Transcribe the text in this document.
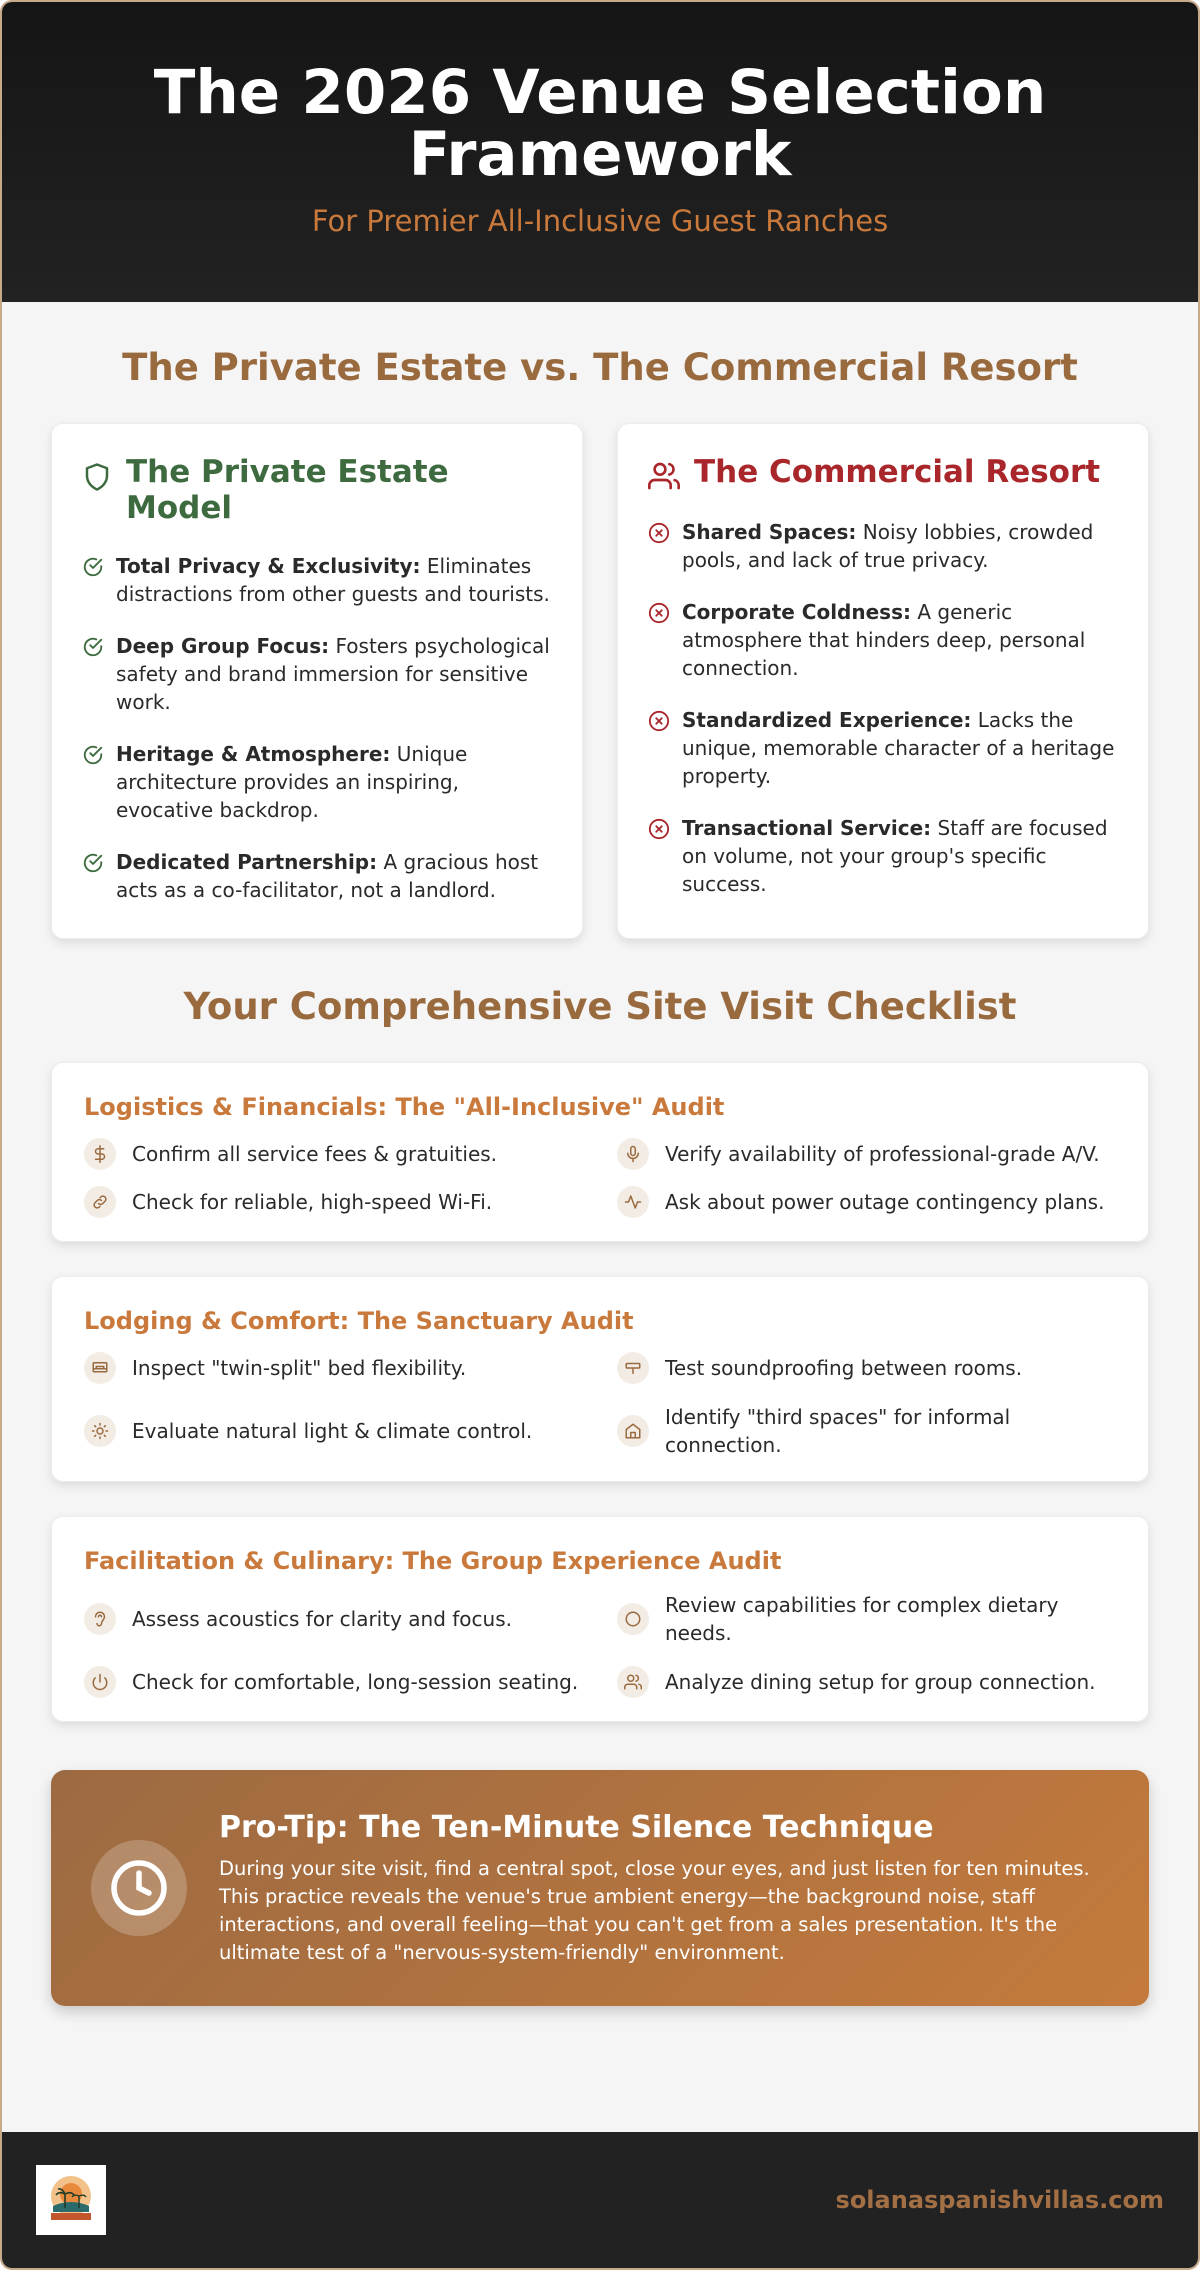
The 2026 Venue Selection Framework
For Premier All-Inclusive Guest Ranches
The Private Estate vs. The Commercial Resort
The Private Estate Model
Total Privacy & Exclusivity: Eliminates distractions from other guests and tourists.
Deep Group Focus: Fosters psychological safety and brand immersion for sensitive work.
Heritage & Atmosphere: Unique architecture provides an inspiring, evocative backdrop.
Dedicated Partnership: A gracious host acts as a co-facilitator, not a landlord.
The Commercial Resort
Shared Spaces: Noisy lobbies, crowded pools, and lack of true privacy.
Corporate Coldness: A generic atmosphere that hinders deep, personal connection.
Standardized Experience: Lacks the unique, memorable character of a heritage property.
Transactional Service: Staff are focused on volume, not your group's specific success.
Your Comprehensive Site Visit Checklist
Logistics & Financials: The "All-Inclusive" Audit
Confirm all service fees & gratuities.	Verify availability of professional-grade A/V.
Check for reliable, high-speed Wi-Fi.	Ask about power outage contingency plans.
Lodging & Comfort: The Sanctuary Audit
Inspect "twin-split" bed flexibility.	Test soundproofing between rooms.
Evaluate natural light & climate control.
Identify "third spaces" for informal connection.
Facilitation & Culinary: The Group Experience Audit
Assess acoustics for clarity and focus.
Review capabilities for complex dietary needs.
Check for comfortable, long-session seating.	Analyze dining setup for group connection.
Pro-Tip: The Ten-Minute Silence Technique

During your site visit, find a central spot, close your eyes, and just listen for ten minutes. This practice reveals the venue's true ambient energy—the background noise, staff interactions, and overall feeling—that you can't get from a sales presentation. It's the ultimate test of a "nervous-system-friendly" environment.

solanaspanishvillas.com
